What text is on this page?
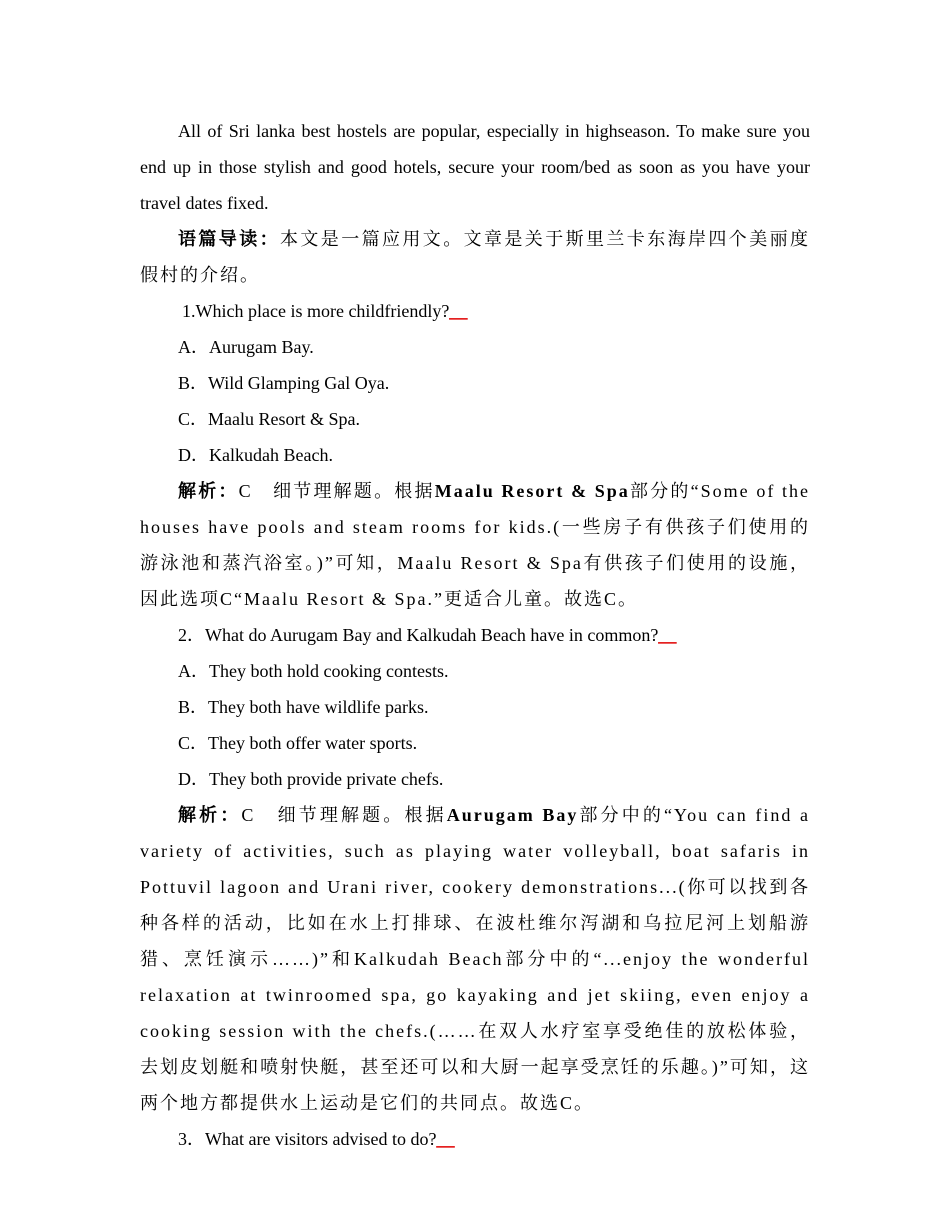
All of Sri lanka best hostels are popular, especially in highseason. To make sure you end up in those stylish and good hotels, secure your room/bed as soon as you have your travel dates fixed.

语篇导读：本文是一篇应用文。文章是关于斯里兰卡东海岸四个美丽度假村的介绍。

1.Which place is more childfriendly?＿

A．Aurugam Bay.

B．Wild Glamping Gal Oya.

C．Maalu Resort & Spa.

D．Kalkudah Beach.

解析：C　 细节理解题。根据Maalu Resort & Spa部分的“Some of the houses have pools and steam rooms for kids.(一些房子有供孩子们使用的游泳池和蒸汽浴室。)”可知，Maalu Resort & Spa有供孩子们使用的设施，因此选项C“Maalu Resort & Spa.”更适合儿童。故选C。

2．What do Aurugam Bay and Kalkudah Beach have in common?＿

A．They both hold cooking contests.

B．They both have wildlife parks.

C．They both offer water sports.

D．They both provide private chefs.

解析：C　 细节理解题。根据Aurugam Bay部分中的“You can find a variety of activities, such as playing water volleyball, boat safaris in Pottuvil lagoon and Urani river, cookery demonstrations...(你可以找到各种各样的活动，比如在水上打排球、在波杜维尔泻湖和乌拉尼河上划船游猎、烹饪演示……)”和Kalkudah Beach部分中的“...enjoy the wonderful relaxation at twinroomed spa, go kayaking and jet skiing, even enjoy a cooking session with the chefs.(……在双人水疗室享受绝佳的放松体验，去划皮划艇和喷射快艇，甚至还可以和大厨一起享受烹饪的乐趣。)”可知，这两个地方都提供水上运动是它们的共同点。故选C。

3．What are visitors advised to do?＿
